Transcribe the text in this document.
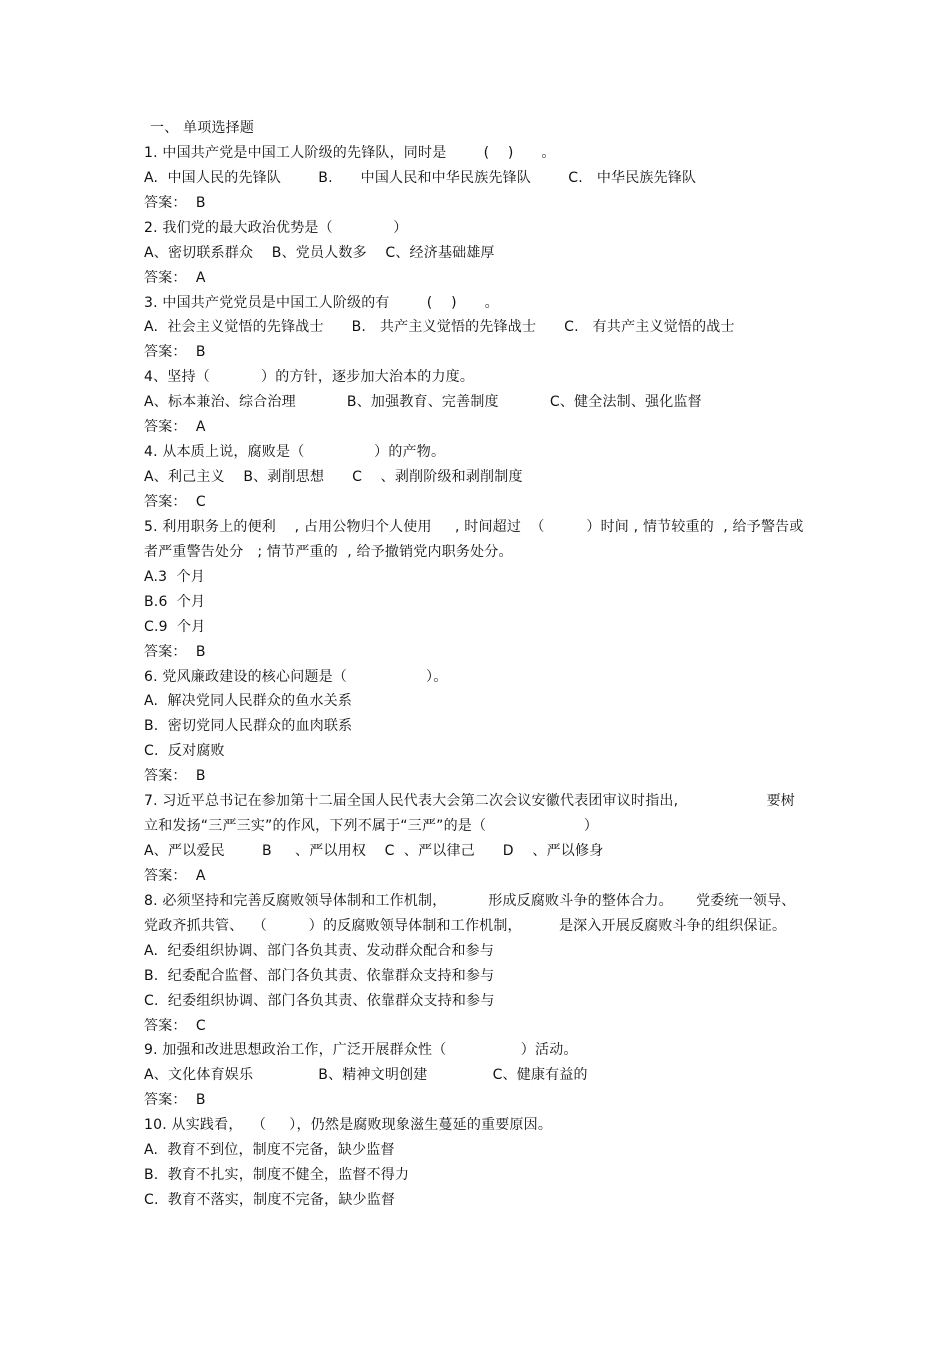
一、 单项选择题
1. 中国共产党是中国工人阶级的先锋队，同时是        (    )      。
A.  中国人民的先锋队        B.      中国人民和中华民族先锋队        C.   中华民族先锋队
答案：  B
2. 我们党的最大政治优势是（             ）
A、密切联系群众    B、党员人数多    C、经济基础雄厚
答案：  A
3. 中国共产党党员是中国工人阶级的有        (    )      。
A.  社会主义觉悟的先锋战士      B.   共产主义觉悟的先锋战士      C.   有共产主义觉悟的战士
答案：  B
4、坚持（           ）的方针，逐步加大治本的力度。
A、标本兼治、综合治理           B、加强教育、完善制度           C、健全法制、强化监督
答案：  A
4. 从本质上说，腐败是（               ）的产物。
A、利己主义    B、剥削思想      C    、剥削阶级和剥削制度
答案：  C
5. 利用职务上的便利    , 占用公物归个人使用     , 时间超过  （         ）时间 , 情节较重的  , 给予警告或
者严重警告处分   ; 情节严重的  , 给予撤销党内职务处分。
A.3  个月
B.6  个月
C.9  个月
答案：  B
6. 党风廉政建设的核心问题是（                 ）。
A.  解决党同人民群众的鱼水关系
B.  密切党同人民群众的血肉联系
C.  反对腐败
答案：  B
7. 习近平总书记在参加第十二届全国人民代表大会第二次会议安徽代表团审议时指出,                   要树
立和发扬“三严三实”的作风，下列不属于“三严”的是（                     ）
A、严以爱民        B     、严以用权    C  、严以律己      D    、严以修身
答案：  A
8. 必须坚持和完善反腐败领导体制和工作机制，         形成反腐败斗争的整体合力。     党委统一领导、
党政齐抓共管、  （         ）的反腐败领导体制和工作机制，        是深入开展反腐败斗争的组织保证。
A.  纪委组织协调、部门各负其责、发动群众配合和参与
B.  纪委配合监督、部门各负其责、依靠群众支持和参与
C.  纪委组织协调、部门各负其责、依靠群众支持和参与
答案：  C
9. 加强和改进思想政治工作，广泛开展群众性（                ）活动。
A、文化体育娱乐              B、精神文明创建              C、健康有益的
答案：  B
10. 从实践看，  （     ），仍然是腐败现象滋生蔓延的重要原因。
A.  教育不到位，制度不完备，缺少监督
B.  教育不扎实，制度不健全，监督不得力
C.  教育不落实，制度不完备，缺少监督
